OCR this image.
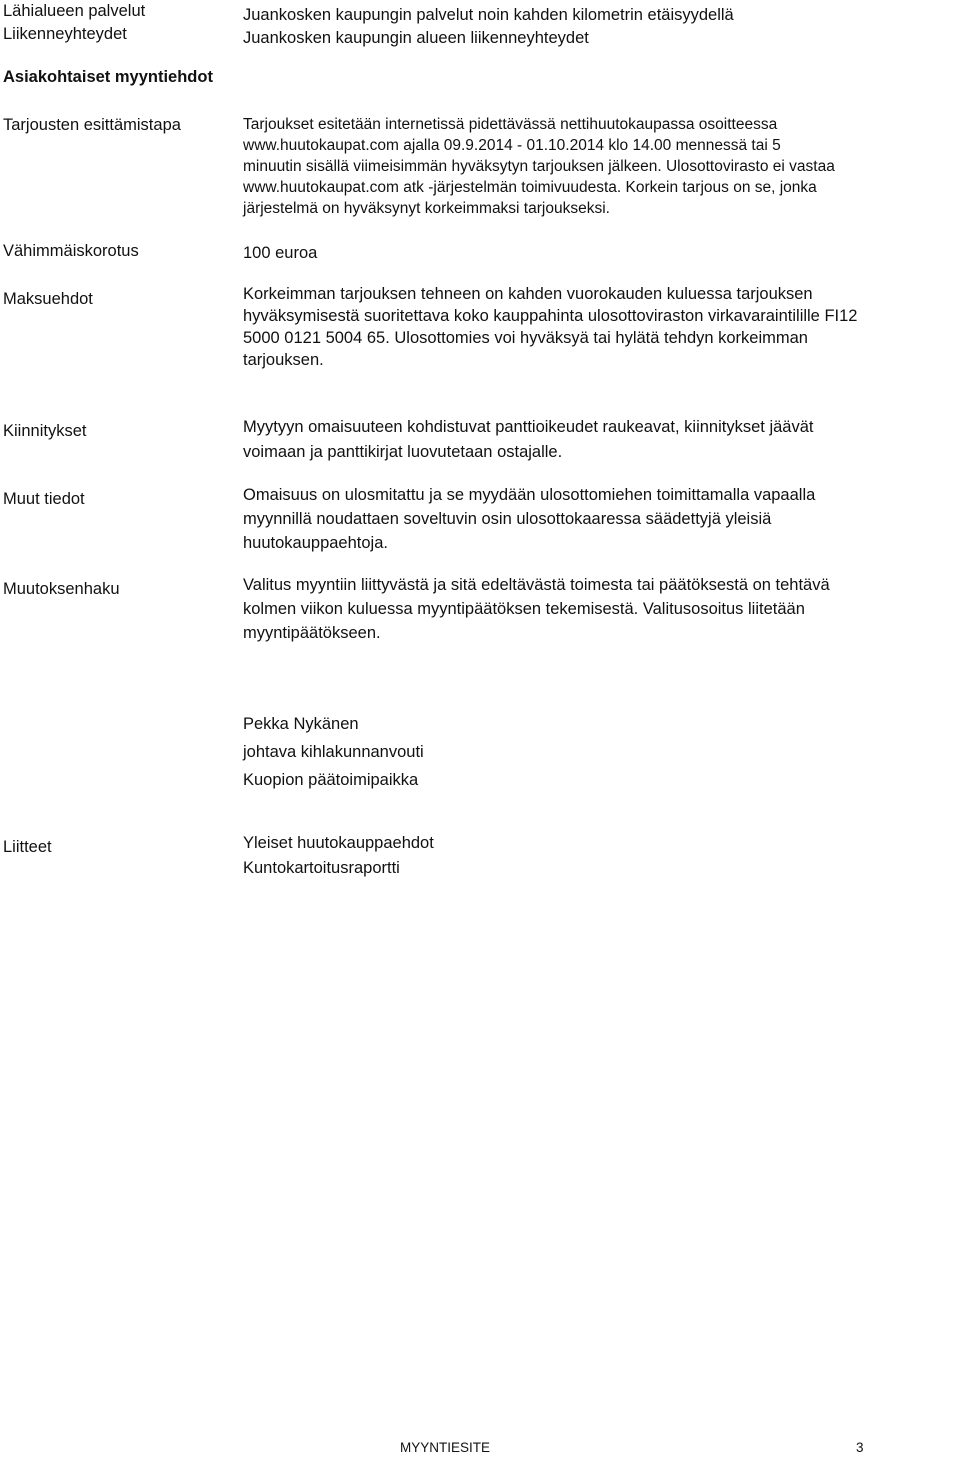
Lähialueen palvelut	Juankosken kaupungin palvelut noin kahden kilometrin etäisyydellä
Liikenneyhteydet	Juankosken kaupungin alueen liikenneyhteydet
Asiakohtaiset myyntiehdot
Tarjousten esittämistapa	Tarjoukset esitetään internetissä pidettävässä nettihuutokaupassa osoitteessa
www.huutokaupat.com ajalla 09.9.2014 - 01.10.2014 klo 14.00 mennessä tai 5
minuutin sisällä viimeisimmän hyväksytyn tarjouksen jälkeen. Ulosottovirasto ei vastaa
www.huutokaupat.com atk -järjestelmän toimivuudesta. Korkein tarjous on se, jonka
järjestelmä on hyväksynyt korkeimmaksi tarjoukseksi.
Vähimmäiskorotus	100 euroa
Maksuehdot	Korkeimman tarjouksen tehneen on kahden vuorokauden kuluessa tarjouksen
hyväksymisestä suoritettava koko kauppahinta ulosottoviraston virkavaraintilille FI12
5000 0121 5004 65. Ulosottomies voi hyväksyä tai hylätä tehdyn korkeimman
tarjouksen.
Kiinnitykset	Myytyyn omaisuuteen kohdistuvat panttioikeudet raukeavat, kiinnitykset jäävät
voimaan ja panttikirjat luovutetaan ostajalle.
Muut tiedot	Omaisuus on ulosmitattu ja se myydään ulosottomiehen toimittamalla vapaalla
myynnillä noudattaen soveltuvin osin ulosottokaaressa säädettyjä yleisiä
huutokauppaehtoja.
Muutoksenhaku	Valitus myyntiin liittyvästä ja sitä edeltävästä toimesta tai päätöksestä on tehtävä
kolmen viikon kuluessa myyntipäätöksen tekemisestä. Valitusosoitus liitetään
myyntipäätökseen.
Pekka Nykänen
johtava kihlakunnanvouti
Kuopion päätoimipaikka
Liitteet	Yleiset huutokauppaehdot
Kuntokartoitusraportti
MYYNTIESITE	3
